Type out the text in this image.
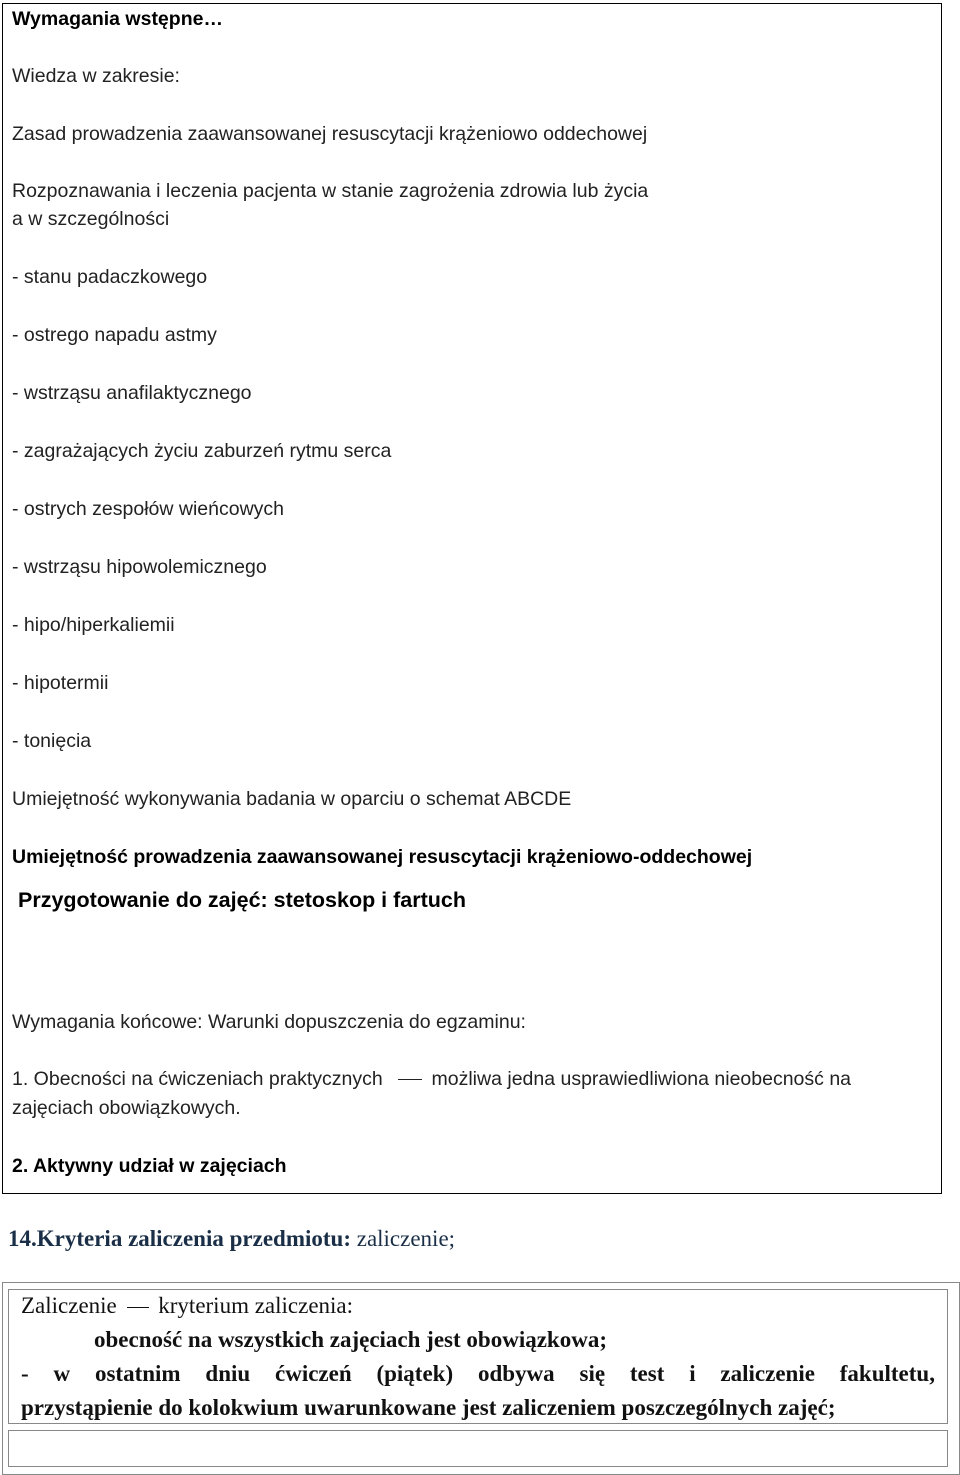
Wymagania wstępne…
Wiedza w zakresie:
Zasad prowadzenia zaawansowanej resuscytacji krążeniowo oddechowej
Rozpoznawania i leczenia pacjenta w stanie zagrożenia zdrowia lub życia
a w szczególności
- stanu padaczkowego
- ostrego napadu astmy
- wstrząsu anafilaktycznego
- zagrażających życiu zaburzeń rytmu serca
- ostrych zespołów wieńcowych
- wstrząsu hipowolemicznego
- hipo/hiperkaliemii
- hipotermii
- tonięcia
Umiejętność wykonywania badania w oparciu o schemat ABCDE
Umiejętność prowadzenia zaawansowanej resuscytacji krążeniowo-oddechowej
Przygotowanie do zajęć: stetoskop i fartuch
Wymagania końcowe: Warunki dopuszczenia do egzaminu:
1. Obecności na ćwiczeniach praktycznych	możliwa jedna usprawiedliwiona nieobecność na
zajęciach obowiązkowych.
2. Aktywny udział w zajęciach
14.Kryteria zaliczenia przedmiotu: zaliczenie;
Zaliczenie kryterium zaliczenia:
obecność na wszystkich zajęciach jest obowiązkowa;
- w ostatnim dniu ćwiczeń (piątek) odbywa się test i zaliczenie fakultetu,
przystąpienie do kolokwium uwarunkowane jest zaliczeniem poszczególnych zajęć;
